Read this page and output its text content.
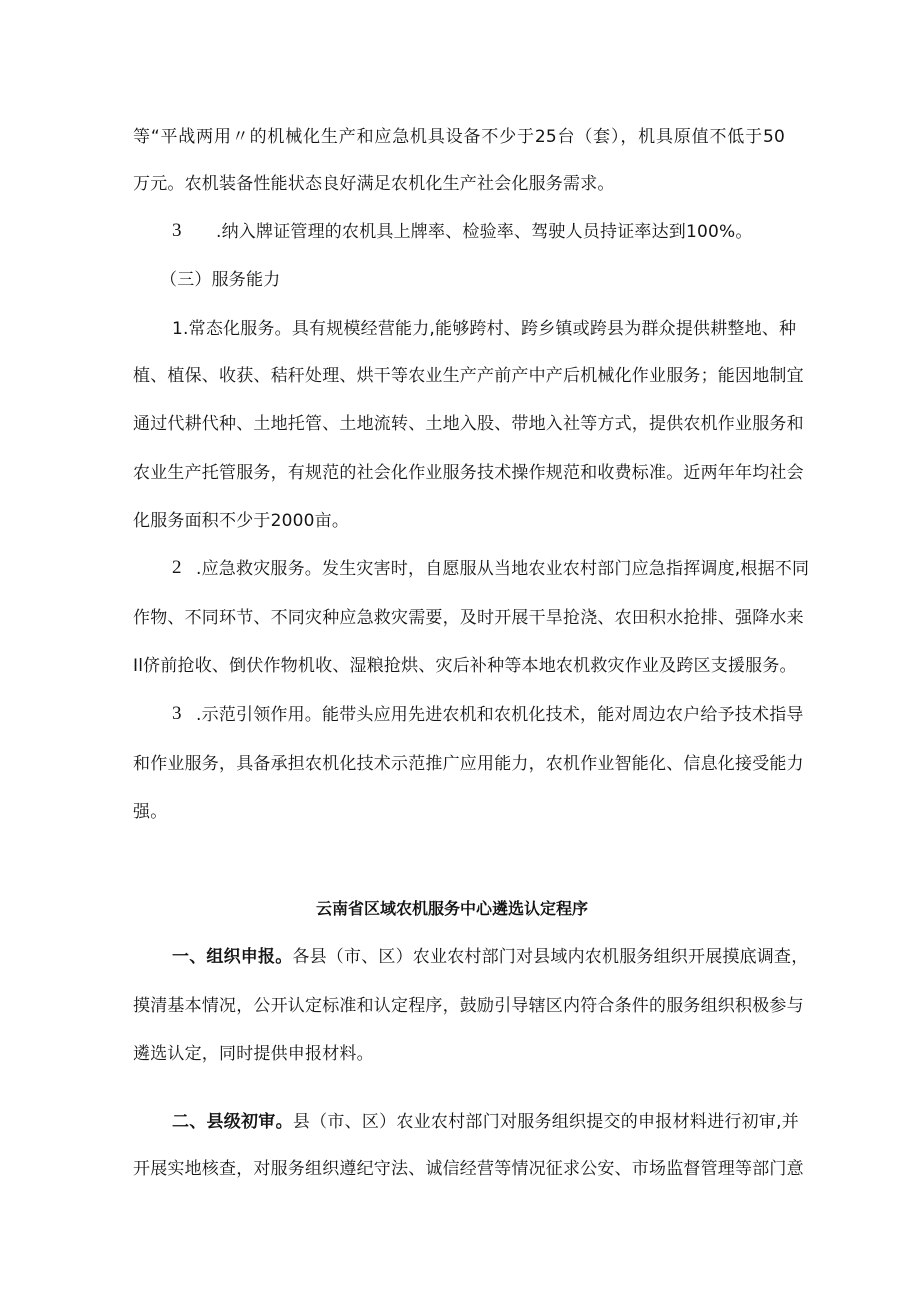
等“平战两用〃的机械化生产和应急机具设备不少于25台（套），机具原值不低于50
万元。农机装备性能状态良好满足农机化生产社会化服务需求。
3 .纳入牌证管理的农机具上牌率、检验率、驾驶人员持证率达到100%。
（三）服务能力
1.常态化服务。具有规模经营能力,能够跨村、跨乡镇或跨县为群众提供耕整地、种
植、植保、收获、秸秆处理、烘干等农业生产产前产中产后机械化作业服务；能因地制宜
通过代耕代种、土地托管、土地流转、土地入股、带地入社等方式，提供农机作业服务和
农业生产托管服务，有规范的社会化作业服务技术操作规范和收费标准。近两年年均社会
化服务面积不少于2000亩。
2 .应急救灾服务。发生灾害时，自愿服从当地农业农村部门应急指挥调度,根据不同
作物、不同环节、不同灾种应急救灾需要，及时开展干旱抢浇、农田积水抢排、强降水来
Il侪前抢收、倒伏作物机收、湿粮抢烘、灾后补种等本地农机救灾作业及跨区支援服务。
3 .示范引领作用。能带头应用先进农机和农机化技术，能对周边农户给予技术指导
和作业服务，具备承担农机化技术示范推广应用能力，农机作业智能化、信息化接受能力
强。
云南省区域农机服务中心遴选认定程序
一、组织申报。各县（市、区）农业农村部门对县域内农机服务组织开展摸底调查，
摸清基本情况，公开认定标准和认定程序，鼓励引导辖区内符合条件的服务组织积极参与
遴选认定，同时提供申报材料。
二、县级初审。县（市、区）农业农村部门对服务组织提交的申报材料进行初审,并
开展实地核查，对服务组织遵纪守法、诚信经营等情况征求公安、市场监督管理等部门意
